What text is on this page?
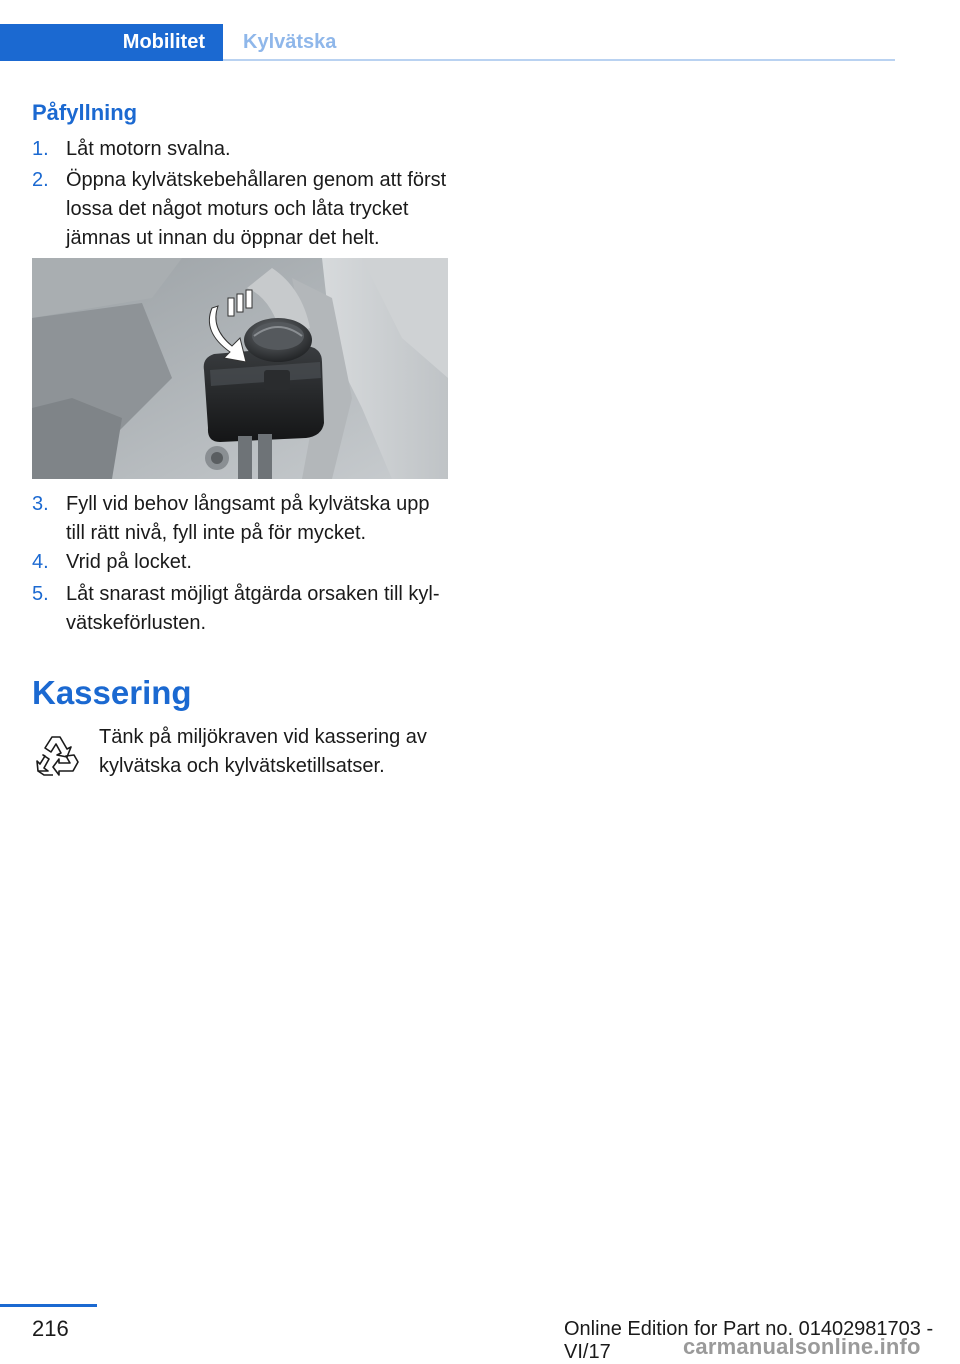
Mobilitet	Kylvätska
Påfyllning
1. Låt motorn svalna.
2. Öppna kylvätskebehållaren genom att först lossa det något moturs och låta trycket jämnas ut innan du öppnar det helt.
3. Fyll vid behov långsamt på kylvätska upp till rätt nivå, fyll inte på för mycket.
4. Vrid på locket.
5. Låt snarast möjligt åtgärda orsaken till kyl-vätskeförlusten.
Kassering
Tänk på miljökraven vid kassering av kylvätska och kylvätsketillsatser.
216	Online Edition for Part no. 01402981703 - VI/17	carmanualsonline.info
